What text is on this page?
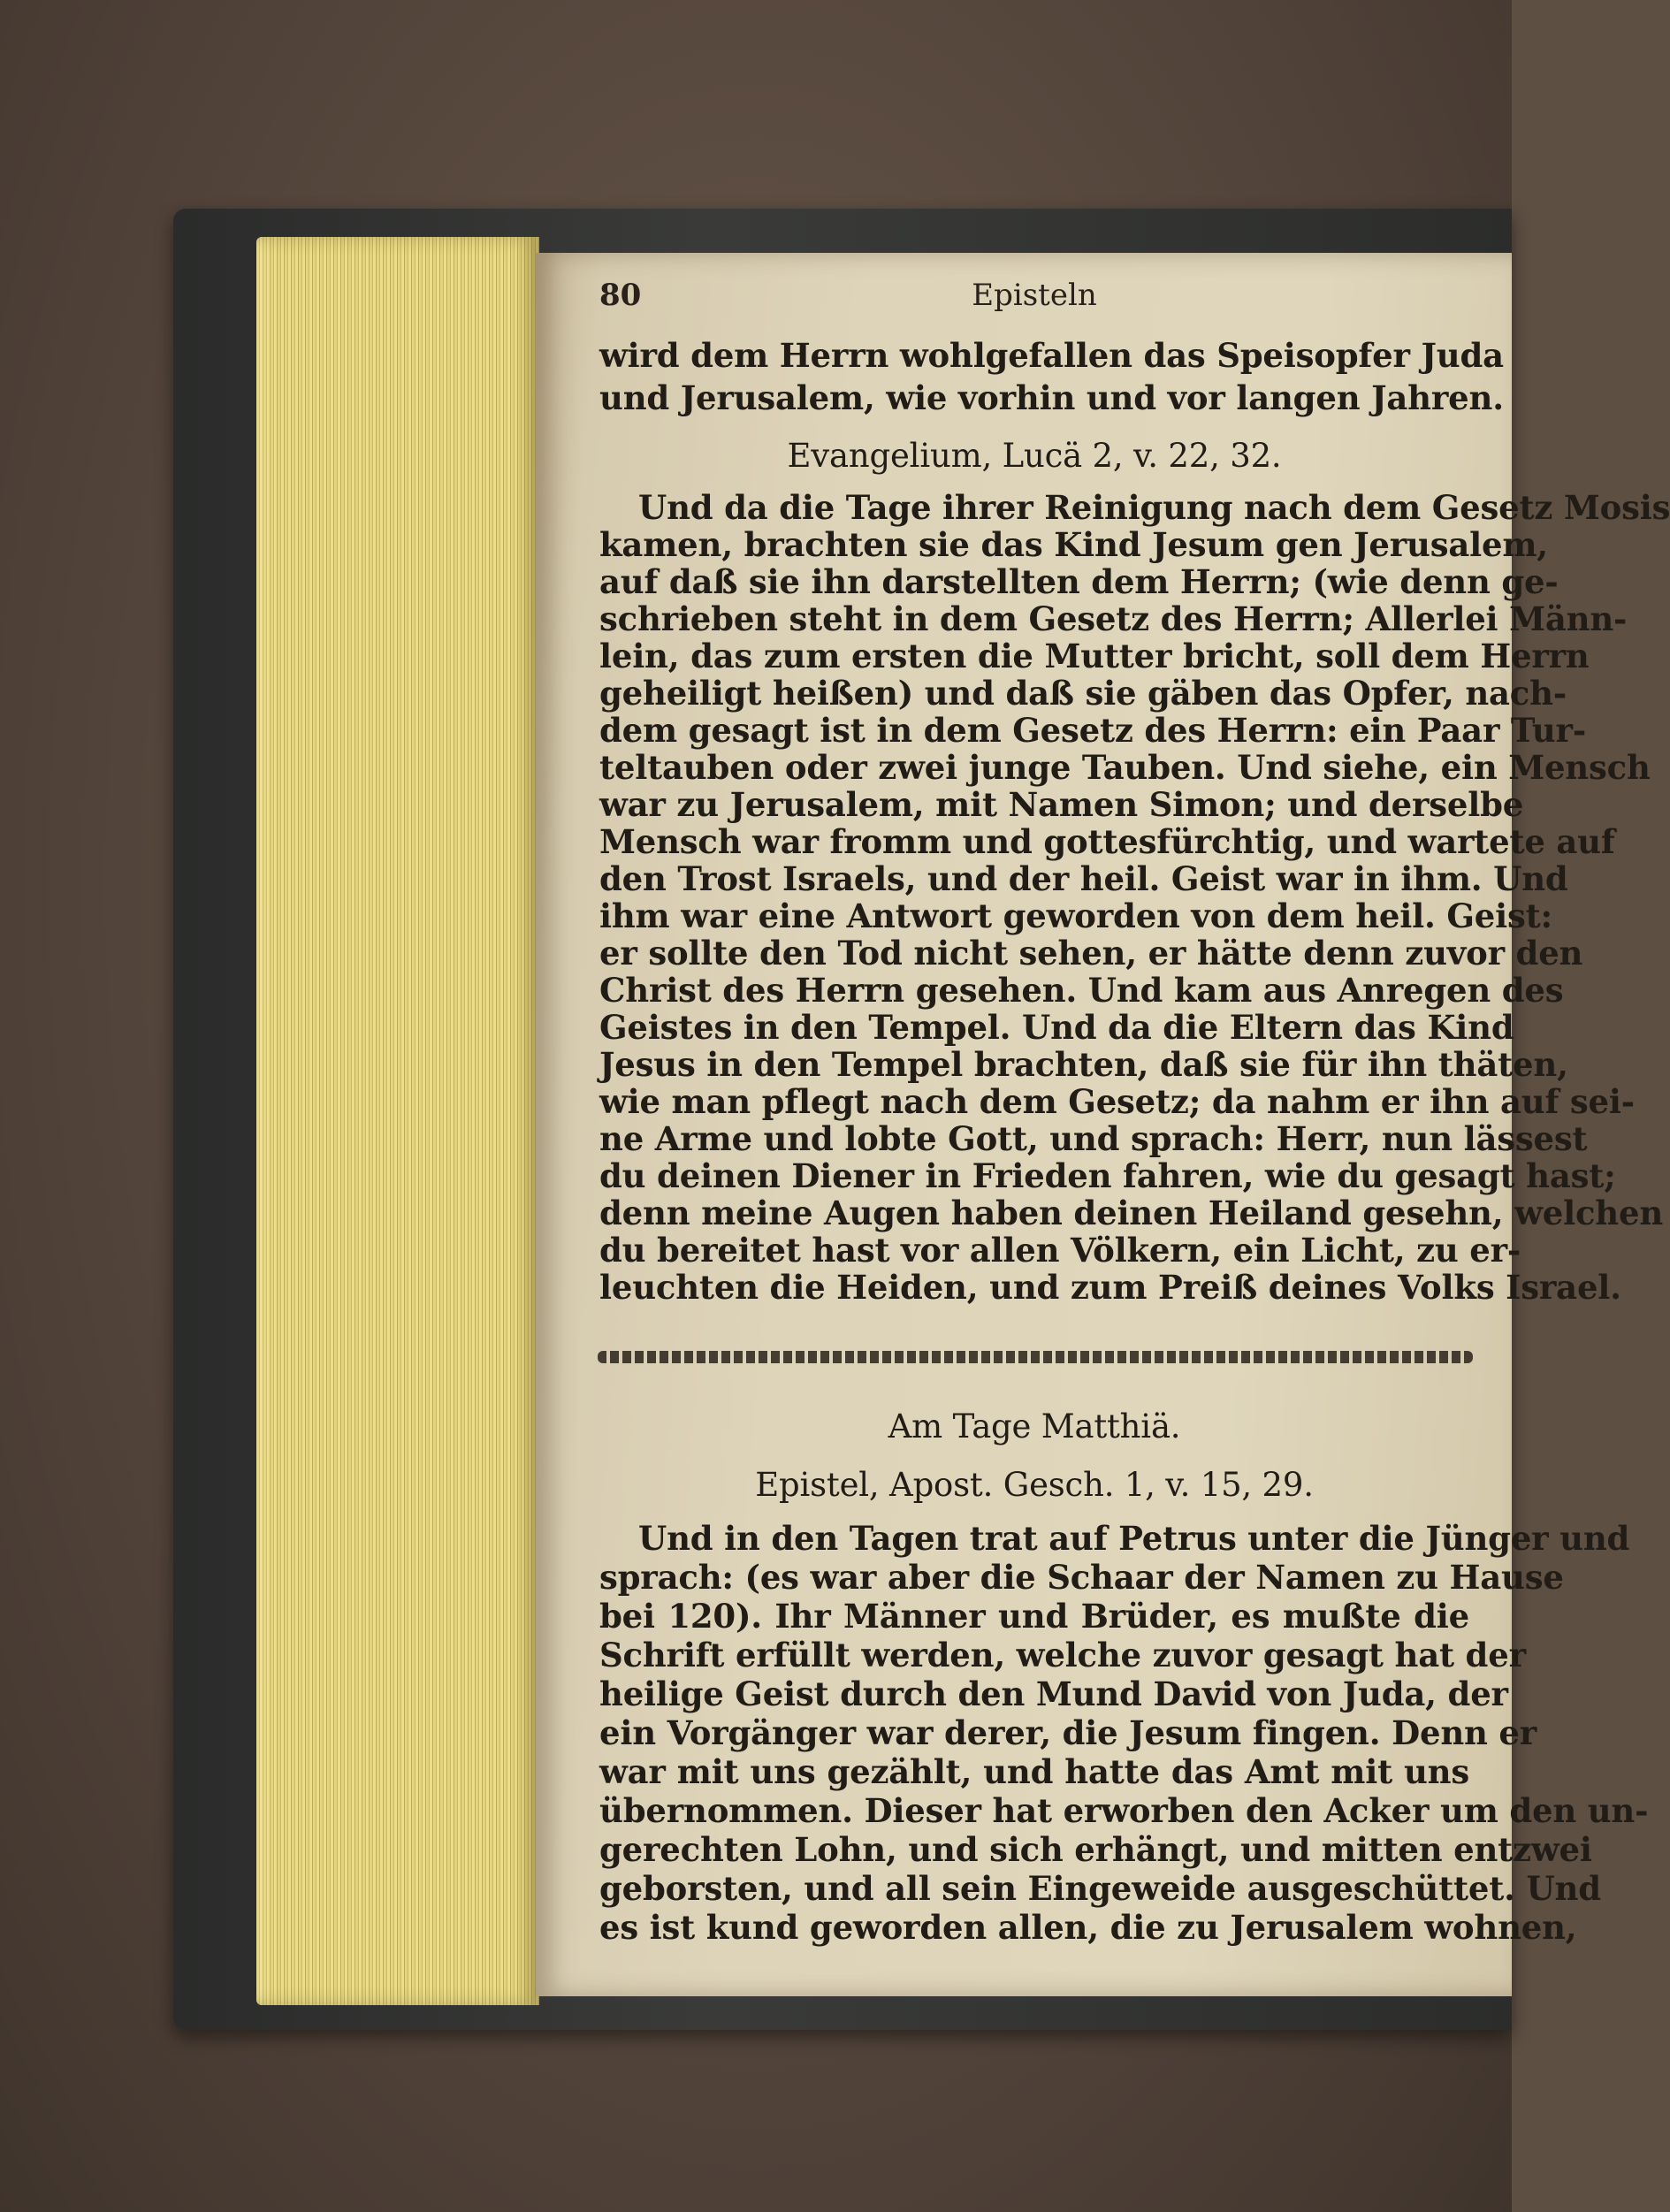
80	Episteln
wird dem Herrn wohlgefallen das Speisopfer Juda
und Jerusalem, wie vorhin und vor langen Jahren.
Evangelium, Lucä 2, v. 22, 32.
Und da die Tage ihrer Reinigung nach dem Gesetz Mosis
kamen, brachten sie das Kind Jesum gen Jerusalem,
auf daß sie ihn darstellten dem Herrn; (wie denn ge-
schrieben steht in dem Gesetz des Herrn; Allerlei Männ-
lein, das zum ersten die Mutter bricht, soll dem Herrn
geheiligt heißen) und daß sie gäben das Opfer, nach-
dem gesagt ist in dem Gesetz des Herrn: ein Paar Tur-
teltauben oder zwei junge Tauben. Und siehe, ein Mensch
war zu Jerusalem, mit Namen Simon; und derselbe
Mensch war fromm und gottesfürchtig, und wartete auf
den Trost Israels, und der heil. Geist war in ihm. Und
ihm war eine Antwort geworden von dem heil. Geist:
er sollte den Tod nicht sehen, er hätte denn zuvor den
Christ des Herrn gesehen. Und kam aus Anregen des
Geistes in den Tempel. Und da die Eltern das Kind
Jesus in den Tempel brachten, daß sie für ihn thäten,
wie man pflegt nach dem Gesetz; da nahm er ihn auf sei-
ne Arme und lobte Gott, und sprach: Herr, nun lässest
du deinen Diener in Frieden fahren, wie du gesagt hast;
denn meine Augen haben deinen Heiland gesehn, welchen
du bereitet hast vor allen Völkern, ein Licht, zu er-
leuchten die Heiden, und zum Preiß deines Volks Israel.
Am Tage Matthiä.
Epistel, Apost. Gesch. 1, v. 15, 29.
Und in den Tagen trat auf Petrus unter die Jünger und
sprach: (es war aber die Schaar der Namen zu Hause
bei 120). Ihr Männer und Brüder, es mußte die
Schrift erfüllt werden, welche zuvor gesagt hat der
heilige Geist durch den Mund David von Juda, der
ein Vorgänger war derer, die Jesum fingen. Denn er
war mit uns gezählt, und hatte das Amt mit uns
übernommen. Dieser hat erworben den Acker um den un-
gerechten Lohn, und sich erhängt, und mitten entzwei
geborsten, und all sein Eingeweide ausgeschüttet. Und
es ist kund geworden allen, die zu Jerusalem wohnen,
